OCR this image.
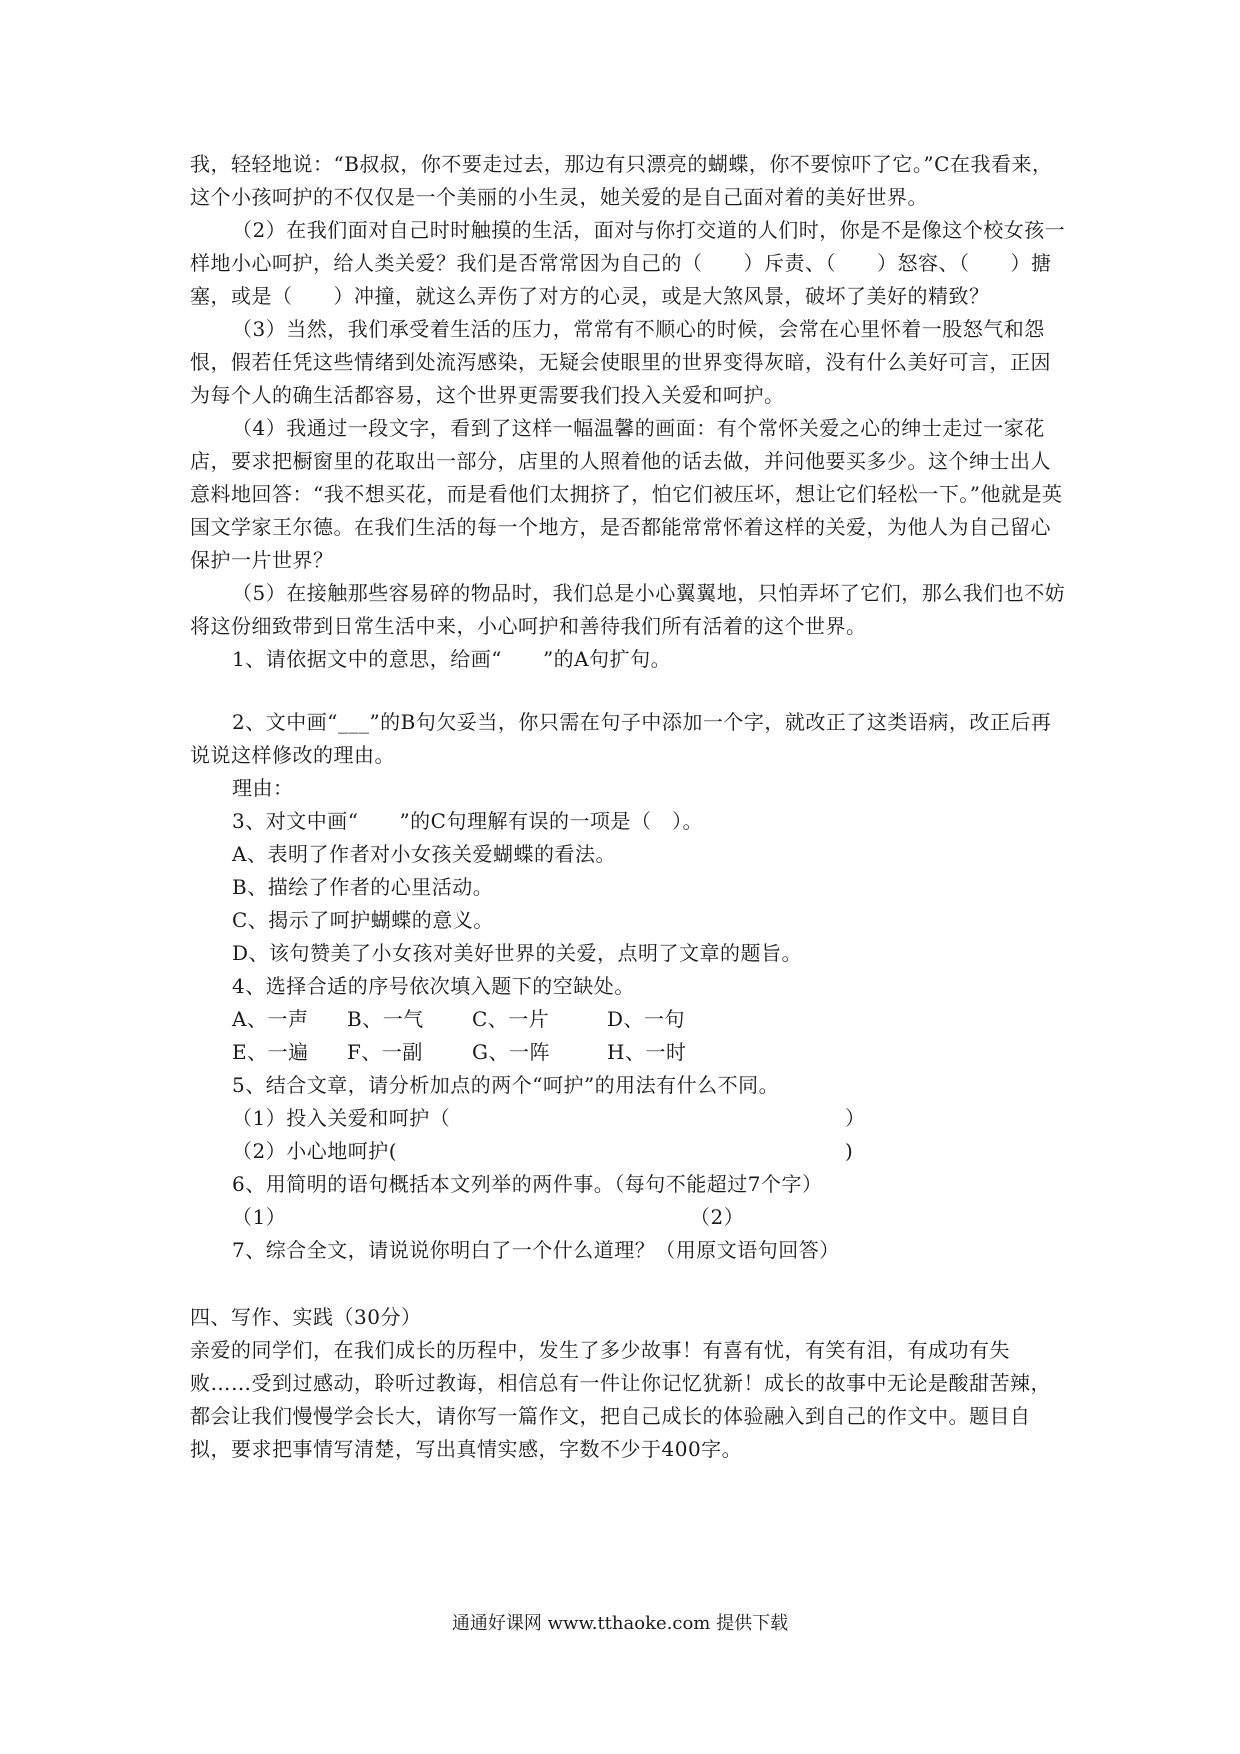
我，轻轻地说：“B叔叔，你不要走过去，那边有只漂亮的蝴蝶，你不要惊吓了它。”C在我看来，这个小孩呵护的不仅仅是一个美丽的小生灵，她关爱的是自己面对着的美好世界。

（2）在我们面对自己时时触摸的生活，面对与你打交道的人们时，你是不是像这个校女孩一样地小心呵护，给人类关爱？我们是否常常因为自己的（　　）斥责、（　　）怒容、（　　）搪塞，或是（　　）冲撞，就这么弄伤了对方的心灵，或是大煞风景，破坏了美好的精致？

（3）当然，我们承受着生活的压力，常常有不顺心的时候，会常在心里怀着一股怒气和怨恨，假若任凭这些情绪到处流泻感染，无疑会使眼里的世界变得灰暗，没有什么美好可言，正因为每个人的确生活都容易，这个世界更需要我们投入关爱和呵护。

（4）我通过一段文字，看到了这样一幅温馨的画面：有个常怀关爱之心的绅士走过一家花店，要求把橱窗里的花取出一部分，店里的人照着他的话去做，并问他要买多少。这个绅士出人意料地回答：“我不想买花，而是看他们太拥挤了，怕它们被压坏，想让它们轻松一下。”他就是英国文学家王尔德。在我们生活的每一个地方，是否都能常常怀着这样的关爱，为他人为自己留心保护一片世界？

（5）在接触那些容易碎的物品时，我们总是小心翼翼地，只怕弄坏了它们，那么我们也不妨将这份细致带到日常生活中来，小心呵护和善待我们所有活着的这个世界。

1、请依据文中的意思，给画“　　”的A句扩句。

2、文中画“___”的B句欠妥当，你只需在句子中添加一个字，就改正了这类语病，改正后再说说这样修改的理由。

理由：

3、对文中画“　　”的C句理解有误的一项是（　）。

A、表明了作者对小女孩关爱蝴蝶的看法。

B、描绘了作者的心里活动。

C、揭示了呵护蝴蝶的意义。

D、该句赞美了小女孩对美好世界的关爱，点明了文章的题旨。

4、选择合适的序号依次填入题下的空缺处。

A、一声	B、一气	C、一片	D、一句
E、一遍	F、一副	G、一阵	H、一时

5、结合文章，请分析加点的两个“呵护”的用法有什么不同。

（1）投入关爱和呵护（	）
（2）小心地呵护(	)

6、用简明的语句概括本文列举的两件事。（每句不能超过7个字）

（1）	（2）

7、综合全文，请说说你明白了一个什么道理？（用原文语句回答）

四、写作、实践（30分）

亲爱的同学们，在我们成长的历程中，发生了多少故事！有喜有忧，有笑有泪，有成功有失败……受到过感动，聆听过教诲，相信总有一件让你记忆犹新！成长的故事中无论是酸甜苦辣，都会让我们慢慢学会长大，请你写一篇作文，把自己成长的体验融入到自己的作文中。题目自拟，要求把事情写清楚，写出真情实感，字数不少于400字。

通通好课网 www.tthaoke.com 提供下载
